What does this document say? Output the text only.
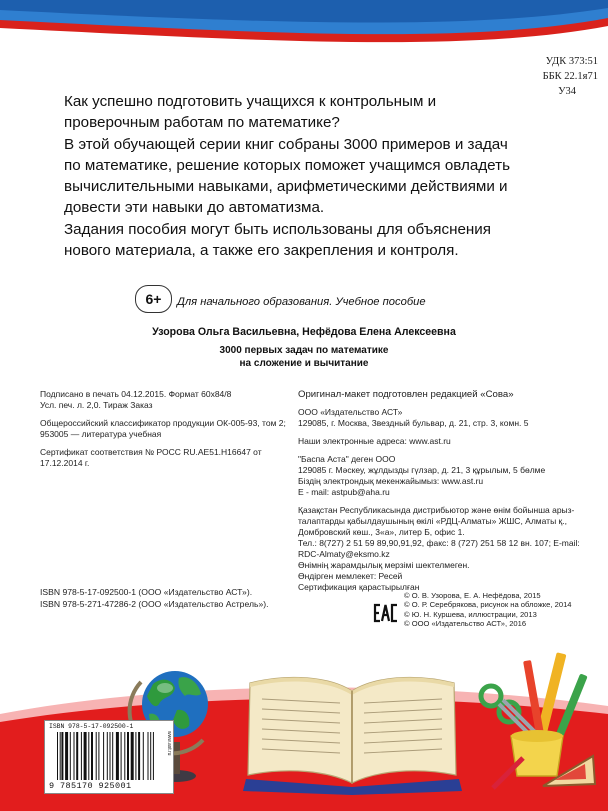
УДК 373:51
ББК 22.1я71
У34

Как успешно подготовить учащихся к контрольным и проверочным работам по математике?

В этой обучающей серии книг собраны 3000 примеров и задач по математике, решение которых поможет учащимся овладеть вычислительными навыками, арифметическими действиями и довести эти навыки до автоматизма.

Задания пособия могут быть использованы для объяснения нового материала, а также его закрепления и контроля.

6+	Для начального образования. Учебное пособие
Узорова Ольга Васильевна, Нефёдова Елена Алексеевна
3000 первых задач по математике
на сложение и вычитание

Подписано в печать 04.12.2015. Формат 60x84/8

Усл. печ. л. 2,0. Тираж Заказ

Общероссийский классификатор продукции ОК-005-93, том 2; 953005 — литература учебная

Сертификат соответствия № РОСС RU.AE51.H16647 от 17.12.2014 г.

Оригинал-макет подготовлен редакцией «Сова»

ООО «Издательство АСТ»

129085, г. Москва, Звездный бульвар, д. 21, стр. 3, комн. 5

Наши электронные адреса: www.ast.ru

"Баспа Аста" деген ООО

129085 г. Мәскеу, жұлдызды гүлзар, д. 21, 3 құрылым, 5 бөлме

Біздің электрондық мекенжайымыз: www.ast.ru

E - mail: astpub@aha.ru

Қазақстан Республикасында дистрибьютор және өнім бойынша арыз-талаптарды қабылдаушының өкілі «РДЦ-Алматы» ЖШС, Алматы қ., Домбровский көш., 3«а», литер Б, офис 1.

Тел.: 8(727) 2 51 59 89,90,91,92, факс: 8 (727) 251 58 12 вн. 107; E-mail: RDC-Almaty@eksmo.kz

Өнімнің жарамдылық мерзімі шектелмеген.

Өндірген мемлекет: Ресей

Сертификация қарастырылған

ISBN 978-5-17-092500-1 (ООО «Издательство АСТ»).
ISBN 978-5-271-47286-2 (ООО «Издательство Астрель»).	EAC
© О. В. Узорова, Е. А. Нефёдова, 2015
© О. Р. Серебрякова, рисунок на обложке, 2014
© Ю. Н. Куршева, иллюстрации, 2013
© ООО «Издательство АСТ», 2016
ISBN 978-5-17-092500-1
9 785170 925001
www.ast.ru
